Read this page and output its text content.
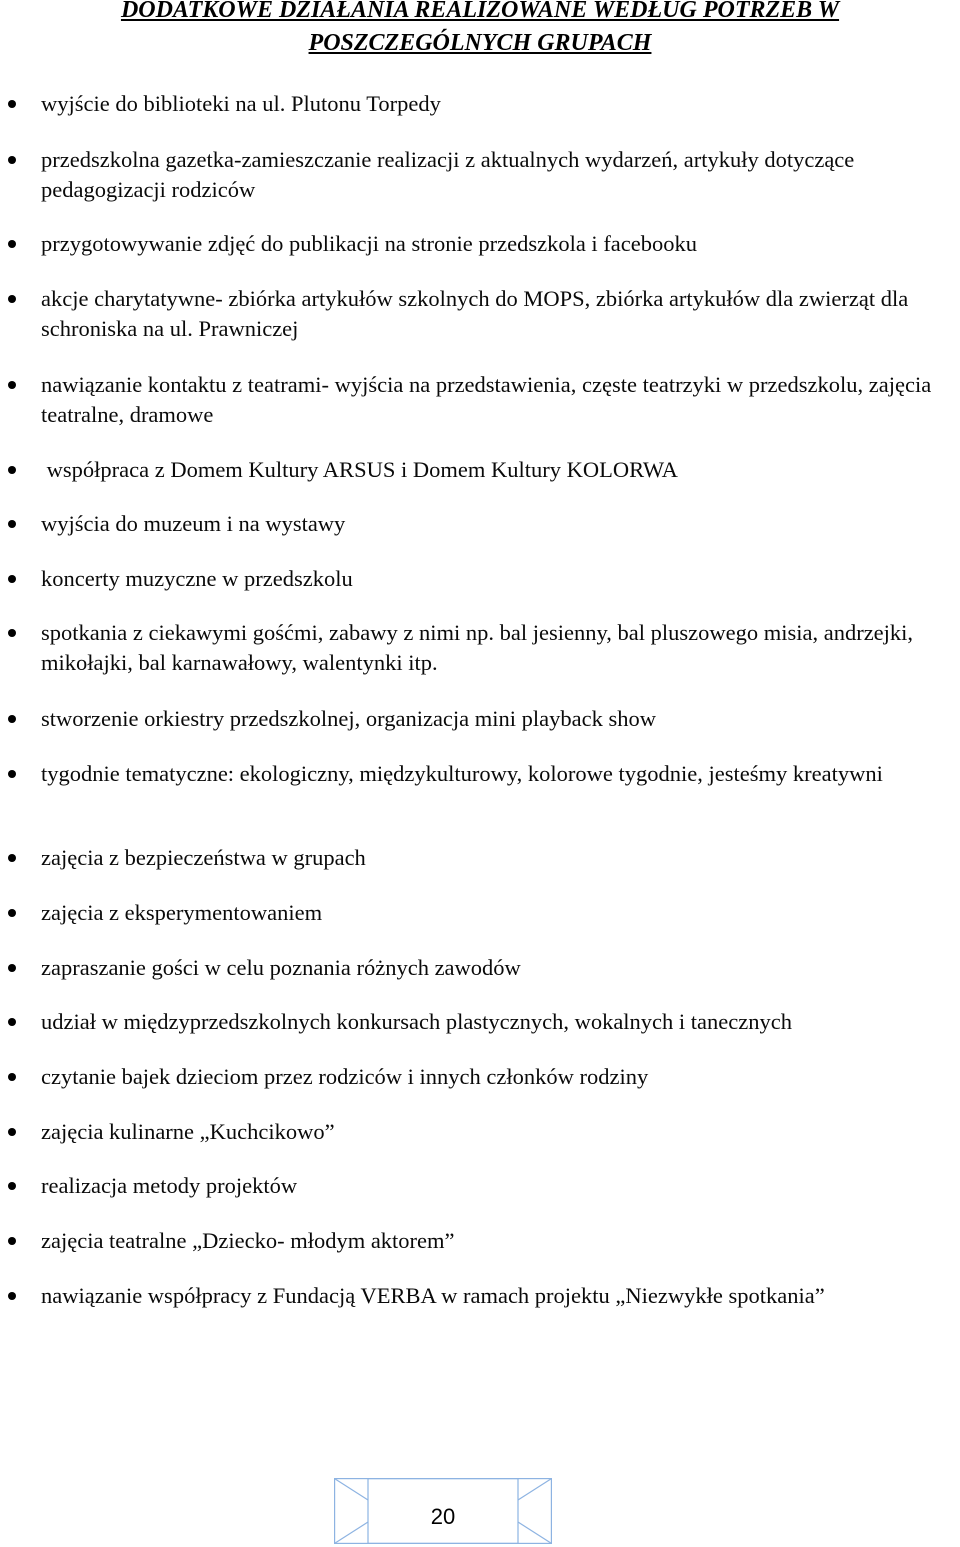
DODATKOWE DZIAŁANIA REALIZOWANE WEDŁUG POTRZEB W
POSZCZEGÓLNYCH GRUPACH
wyjście do biblioteki na ul. Plutonu Torpedy
przedszkolna gazetka-zamieszczanie realizacji z aktualnych wydarzeń, artykuły dotyczące pedagogizacji rodziców
przygotowywanie zdjęć do publikacji na stronie przedszkola i facebooku
akcje charytatywne- zbiórka artykułów szkolnych do MOPS, zbiórka artykułów dla zwierząt dla schroniska na ul. Prawniczej
nawiązanie kontaktu z teatrami- wyjścia na przedstawienia, częste teatrzyki w przedszkolu, zajęcia teatralne, dramowe
współpraca z Domem Kultury ARSUS i Domem Kultury KOLORWA
wyjścia do muzeum i na wystawy
koncerty muzyczne w przedszkolu
spotkania z ciekawymi gośćmi, zabawy z nimi np. bal jesienny, bal pluszowego misia, andrzejki, mikołajki, bal karnawałowy, walentynki itp.
stworzenie orkiestry przedszkolnej, organizacja mini playback show
tygodnie tematyczne: ekologiczny, międzykulturowy, kolorowe tygodnie, jesteśmy kreatywni
zajęcia z bezpieczeństwa w grupach
zajęcia z eksperymentowaniem
zapraszanie gości w celu poznania różnych zawodów
udział w międzyprzedszkolnych konkursach plastycznych, wokalnych i tanecznych
czytanie bajek dzieciom przez rodziców i innych członków rodziny
zajęcia kulinarne „Kuchcikowo”
realizacja metody projektów
zajęcia teatralne „Dziecko- młodym aktorem”
nawiązanie współpracy z Fundacją VERBA w ramach projektu „Niezwykłe spotkania”
20
